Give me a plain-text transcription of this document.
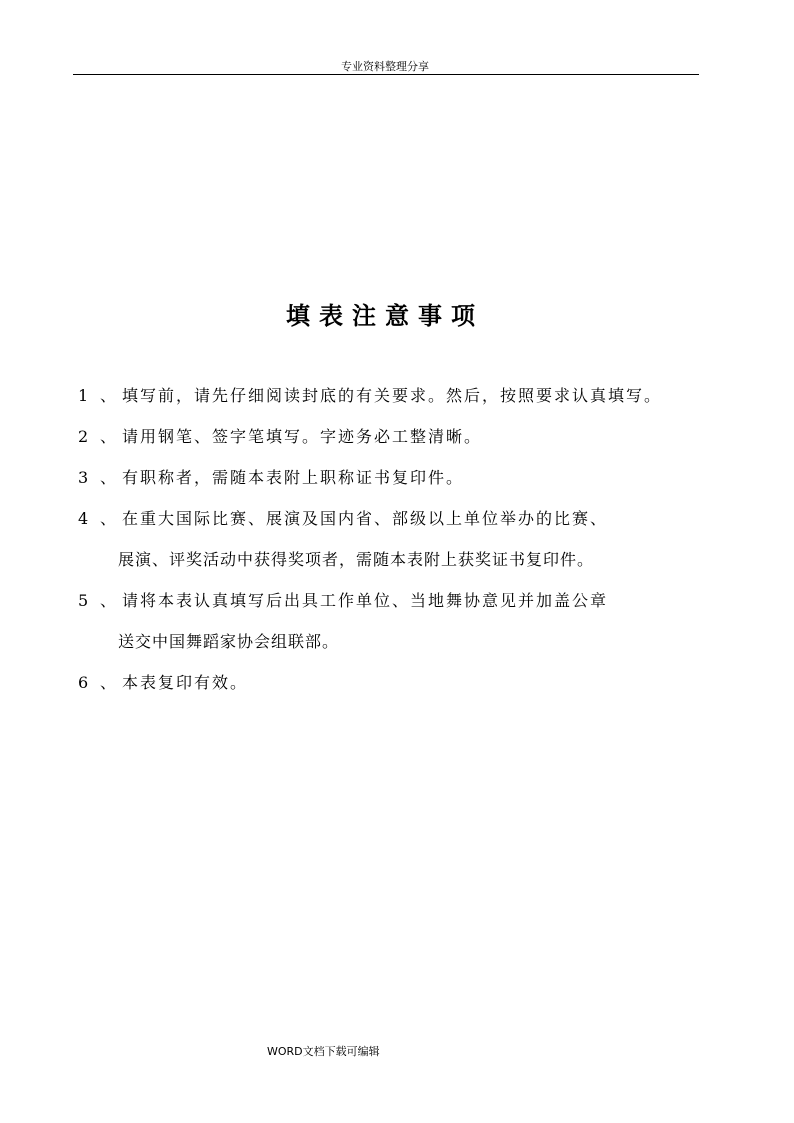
专业资料整理分享
填表注意事项
1 、 填写前，请先仔细阅读封底的有关要求。然后，按照要求认真填写。
2 、 请用钢笔、签字笔填写。字迹务必工整清晰。
3 、 有职称者，需随本表附上职称证书复印件。
4 、 在重大国际比赛、展演及国内省、部级以上单位举办的比赛、
展演、评奖活动中获得奖项者，需随本表附上获奖证书复印件。
5 、 请将本表认真填写后出具工作单位、当地舞协意见并加盖公章
送交中国舞蹈家协会组联部。
6 、 本表复印有效。
WORD文档下载可编辑
